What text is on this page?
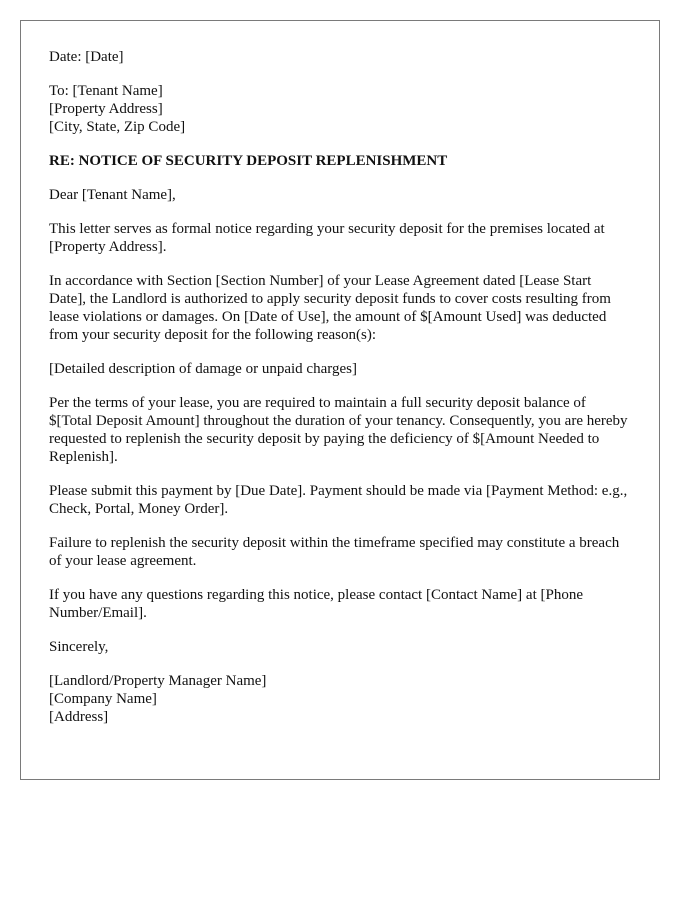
Date: [Date]

To: [Tenant Name]
[Property Address]
[City, State, Zip Code]

RE: NOTICE OF SECURITY DEPOSIT REPLENISHMENT

Dear [Tenant Name],

This letter serves as formal notice regarding your security deposit for the premises located at [Property Address].

In accordance with Section [Section Number] of your Lease Agreement dated [Lease Start Date], the Landlord is authorized to apply security deposit funds to cover costs resulting from lease violations or damages. On [Date of Use], the amount of $[Amount Used] was deducted from your security deposit for the following reason(s):

[Detailed description of damage or unpaid charges]

Per the terms of your lease, you are required to maintain a full security deposit balance of $[Total Deposit Amount] throughout the duration of your tenancy. Consequently, you are hereby requested to replenish the security deposit by paying the deficiency of $[Amount Needed to Replenish].

Please submit this payment by [Due Date]. Payment should be made via [Payment Method: e.g., Check, Portal, Money Order].

Failure to replenish the security deposit within the timeframe specified may constitute a breach of your lease agreement.

If you have any questions regarding this notice, please contact [Contact Name] at [Phone Number/Email].

Sincerely,

[Landlord/Property Manager Name]
[Company Name]
[Address]
